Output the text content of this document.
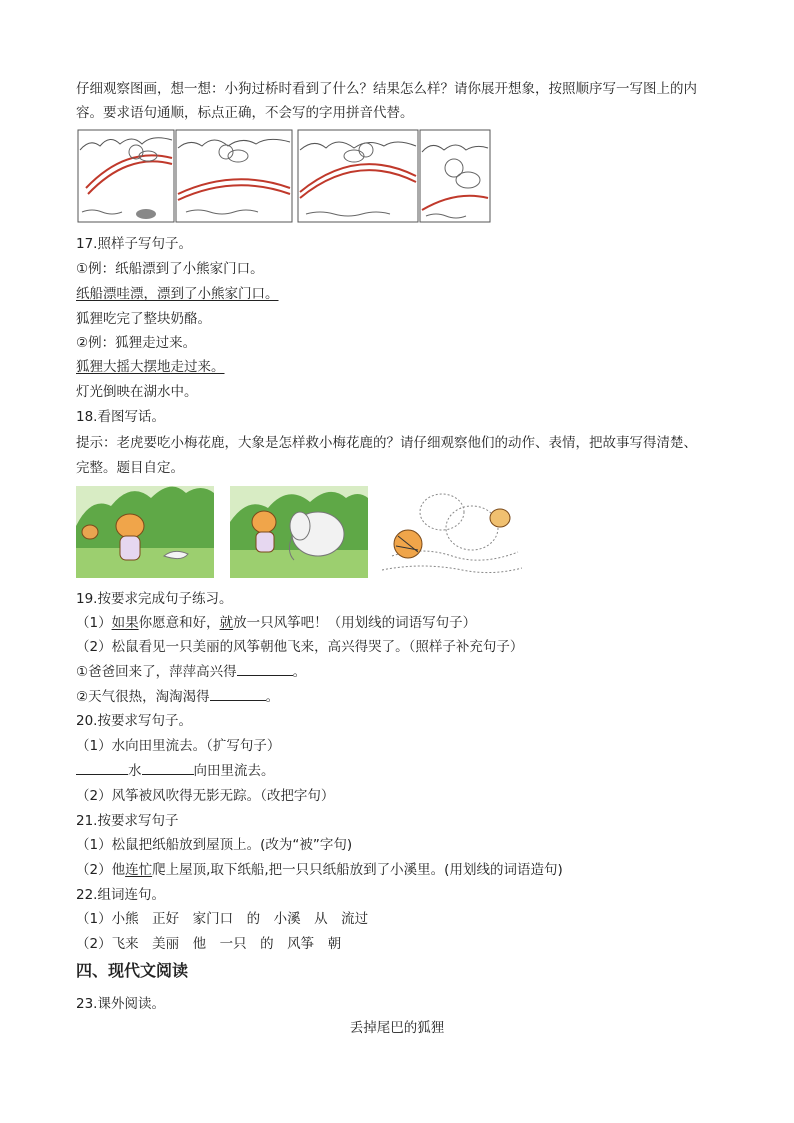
仔细观察图画，想一想：小狗过桥时看到了什么？结果怎么样？请你展开想象，按照顺序写一写图上的内
容。要求语句通顺，标点正确，不会写的字用拼音代替。
17.照样子写句子。
①例：纸船漂到了小熊家门口。
纸船漂哇漂，漂到了小熊家门口。
狐狸吃完了整块奶酪。
②例：狐狸走过来。
狐狸大摇大摆地走过来。
灯光倒映在湖水中。
18.看图写话。
提示：老虎要吃小梅花鹿，大象是怎样救小梅花鹿的？请仔细观察他们的动作、表情，把故事写得清楚、
完整。题目自定。
19.按要求完成句子练习。
（1）如果你愿意和好，就放一只风筝吧！（用划线的词语写句子）
（2）松鼠看见一只美丽的风筝朝他飞来，高兴得哭了。（照样子补充句子）
①爸爸回来了，萍萍高兴得	。
②天气很热，淘淘渴得	。
20.按要求写句子。
（1）水向田里流去。（扩写句子）
水	向田里流去。
（2）风筝被风吹得无影无踪。（改把字句）
21.按要求写句子
（1）松鼠把纸船放到屋顶上。(改为“被”字句)
（2）他连忙爬上屋顶,取下纸船,把一只只纸船放到了小溪里。(用划线的词语造句)
22.组词连句。
（1）小熊　正好　家门口　的　小溪　从　流过
（2）飞来　美丽　他　一只　的　风筝　朝
四、现代文阅读
23.课外阅读。
丢掉尾巴的狐狸
